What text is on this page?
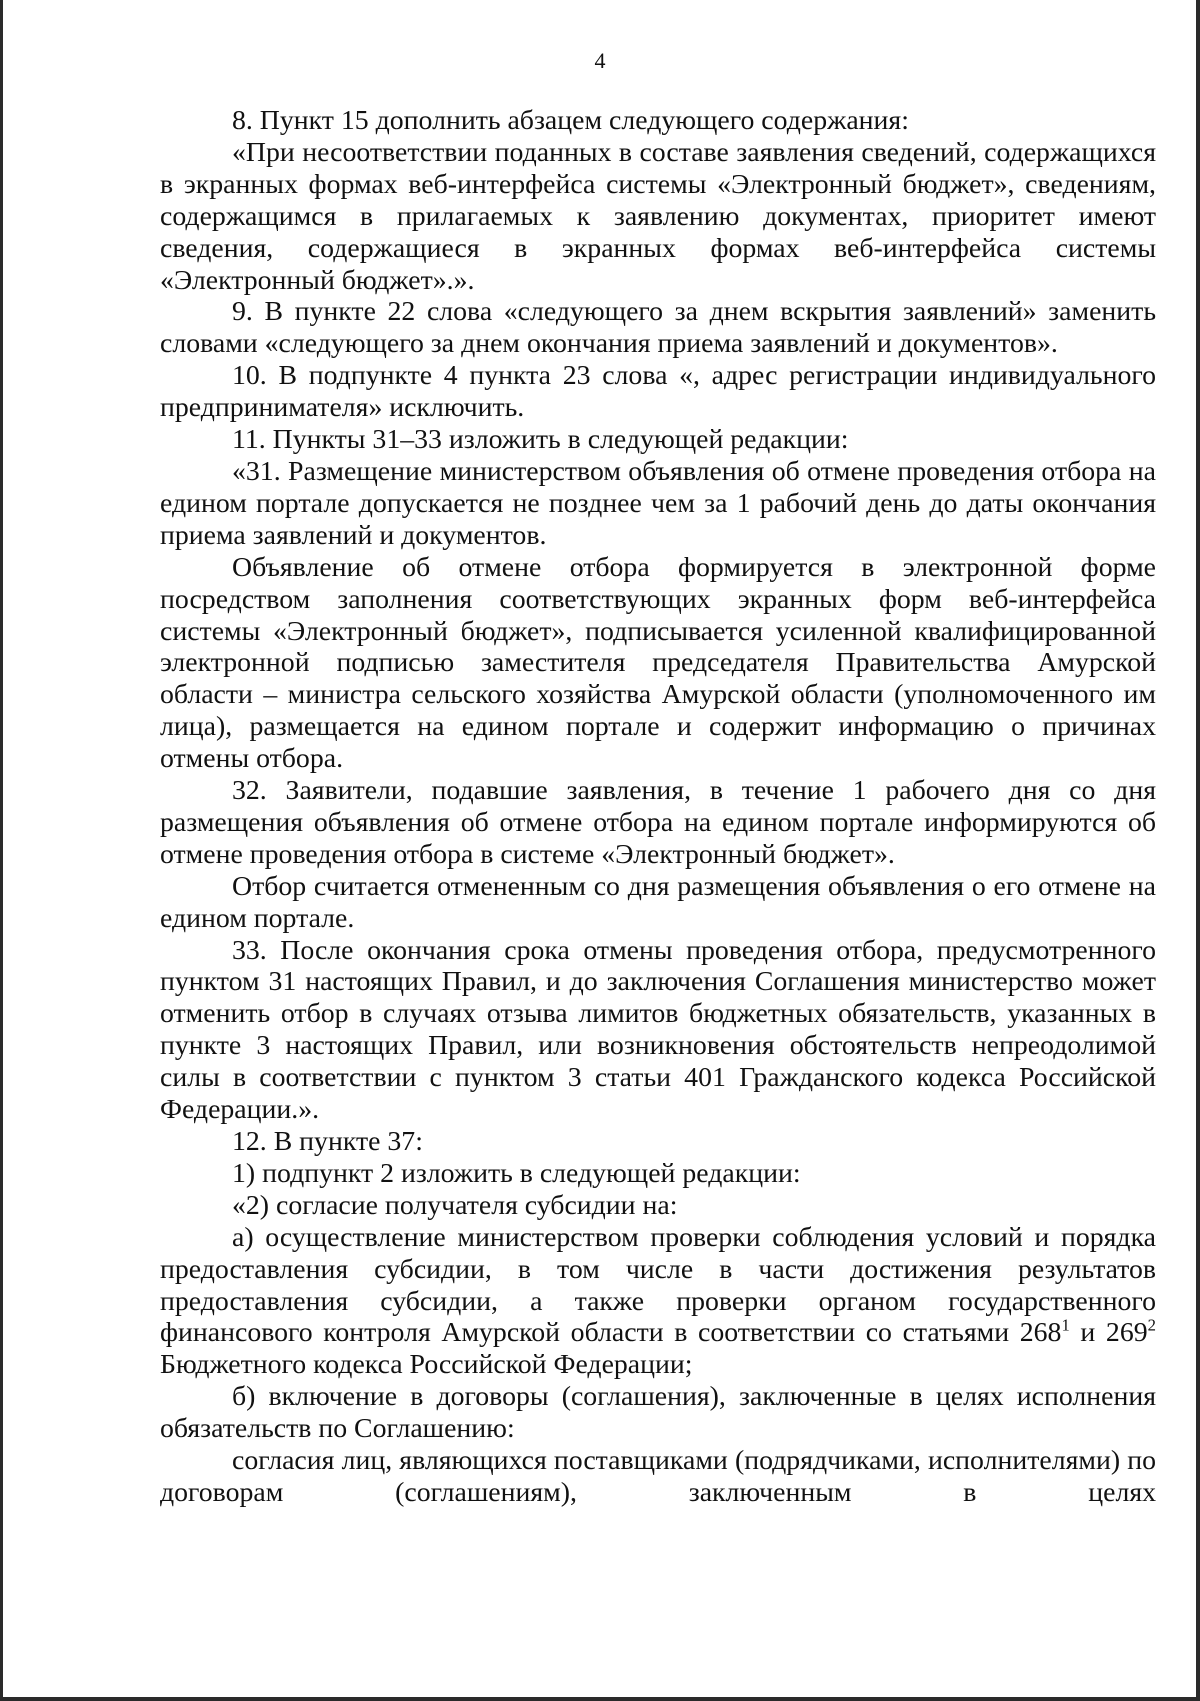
4

8. Пункт 15 дополнить абзацем следующего содержания:

«При несоответствии поданных в составе заявления сведений, содержащихся в экранных формах веб-интерфейса системы «Электронный бюджет», сведениям, содержащимся в прилагаемых к заявлению документах, приоритет имеют сведения, содержащиеся в экранных формах веб-интерфейса системы «Электронный бюджет».».

9. В пункте 22 слова «следующего за днем вскрытия заявлений» заменить словами «следующего за днем окончания приема заявлений и документов».

10. В подпункте 4 пункта 23 слова «, адрес регистрации индивидуального предпринимателя» исключить.

11. Пункты 31–33 изложить в следующей редакции:

«31. Размещение министерством объявления об отмене проведения отбора на едином портале допускается не позднее чем за 1 рабочий день до даты окончания приема заявлений и документов.

Объявление об отмене отбора формируется в электронной форме посредством заполнения соответствующих экранных форм веб-интерфейса системы «Электронный бюджет», подписывается усиленной квалифицированной электронной подписью заместителя председателя Правительства Амурской области – министра сельского хозяйства Амурской области (уполномоченного им лица), размещается на едином портале и содержит информацию о причинах отмены отбора.

32. Заявители, подавшие заявления, в течение 1 рабочего дня со дня размещения объявления об отмене отбора на едином портале информируются об отмене проведения отбора в системе «Электронный бюджет».

Отбор считается отмененным со дня размещения объявления о его отмене на едином портале.

33. После окончания срока отмены проведения отбора, предусмотренного пунктом 31 настоящих Правил, и до заключения Соглашения министерство может отменить отбор в случаях отзыва лимитов бюджетных обязательств, указанных в пункте 3 настоящих Правил, или возникновения обстоятельств непреодолимой силы в соответствии с пунктом 3 статьи 401 Гражданского кодекса Российской Федерации.».

12. В пункте 37:

1) подпункт 2 изложить в следующей редакции:

«2) согласие получателя субсидии на:

а) осуществление министерством проверки соблюдения условий и порядка предоставления субсидии, в том числе в части достижения результатов предоставления субсидии, а также проверки органом государственного финансового контроля Амурской области в соответствии со статьями $268^1$ и $269^2$ Бюджетного кодекса Российской Федерации;

б) включение в договоры (соглашения), заключенные в целях исполнения обязательств по Соглашению:

согласия лиц, являющихся поставщиками (подрядчиками, исполнителями) по договорам (соглашениям), заключенным в целях
